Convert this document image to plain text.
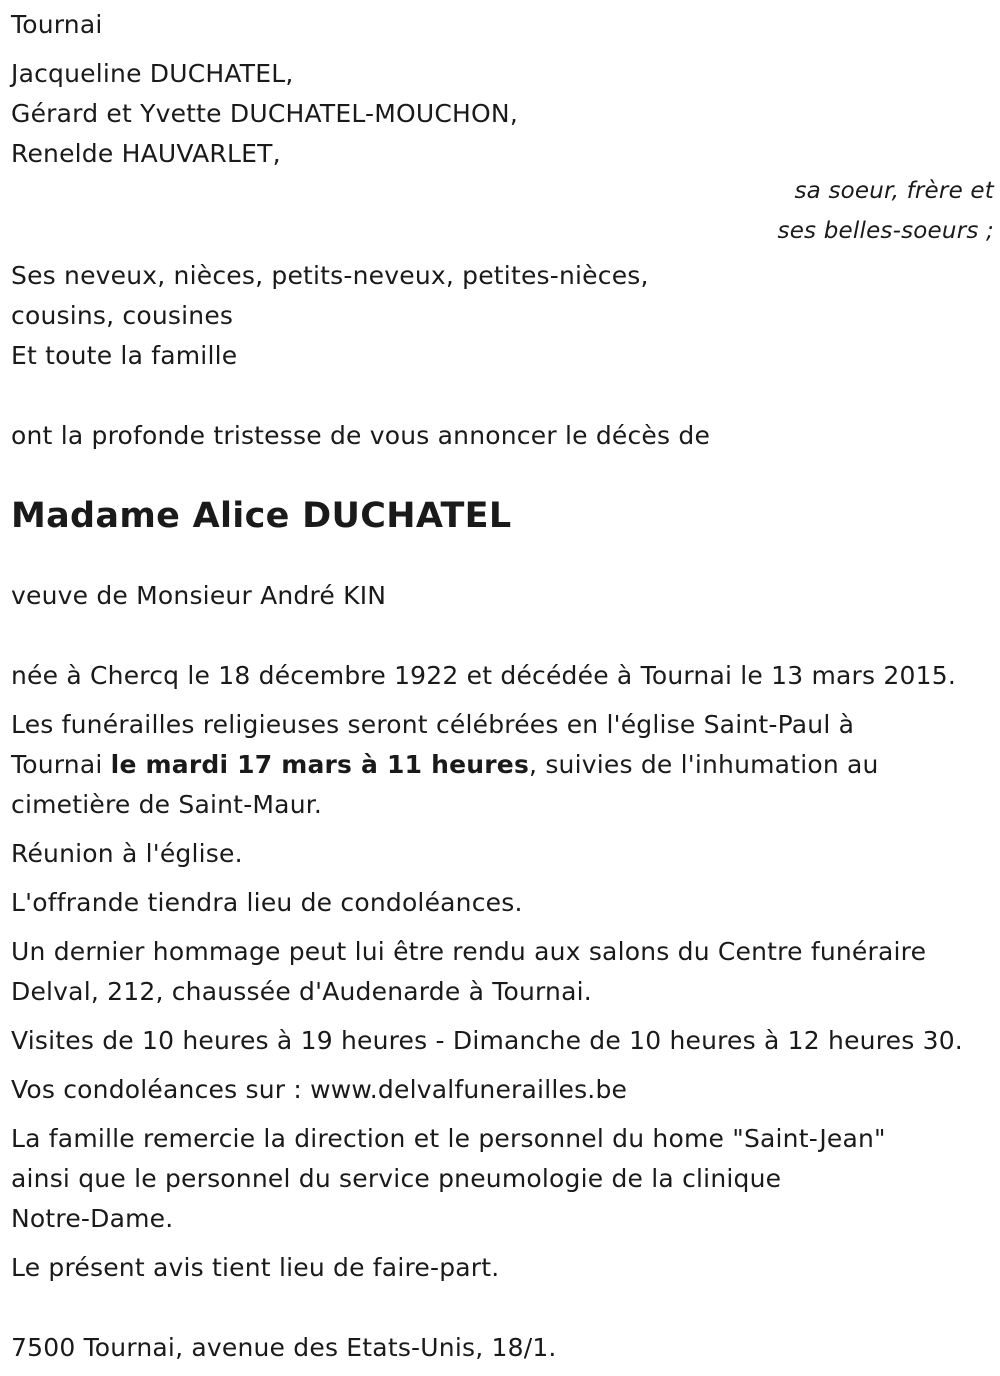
Tournai
Jacqueline DUCHATEL,
Gérard et Yvette DUCHATEL-MOUCHON,
Renelde HAUVARLET,
sa soeur, frère et
ses belles-soeurs ;
Ses neveux, nièces, petits-neveux, petites-nièces,
cousins, cousines
Et toute la famille
ont la profonde tristesse de vous annoncer le décès de
Madame Alice DUCHATEL
veuve de Monsieur André KIN
née à Chercq le 18 décembre 1922 et décédée à Tournai le 13 mars 2015.
Les funérailles religieuses seront célébrées en l'église Saint-Paul à
Tournai le mardi 17 mars à 11 heures, suivies de l'inhumation au
cimetière de Saint-Maur.
Réunion à l'église.
L'offrande tiendra lieu de condoléances.
Un dernier hommage peut lui être rendu aux salons du Centre funéraire
Delval, 212, chaussée d'Audenarde à Tournai.
Visites de 10 heures à 19 heures - Dimanche de 10 heures à 12 heures 30.
Vos condoléances sur : www.delvalfunerailles.be
La famille remercie la direction et le personnel du home "Saint-Jean"
ainsi que le personnel du service pneumologie de la clinique
Notre-Dame.
Le présent avis tient lieu de faire-part.
7500 Tournai, avenue des Etats-Unis, 18/1.
